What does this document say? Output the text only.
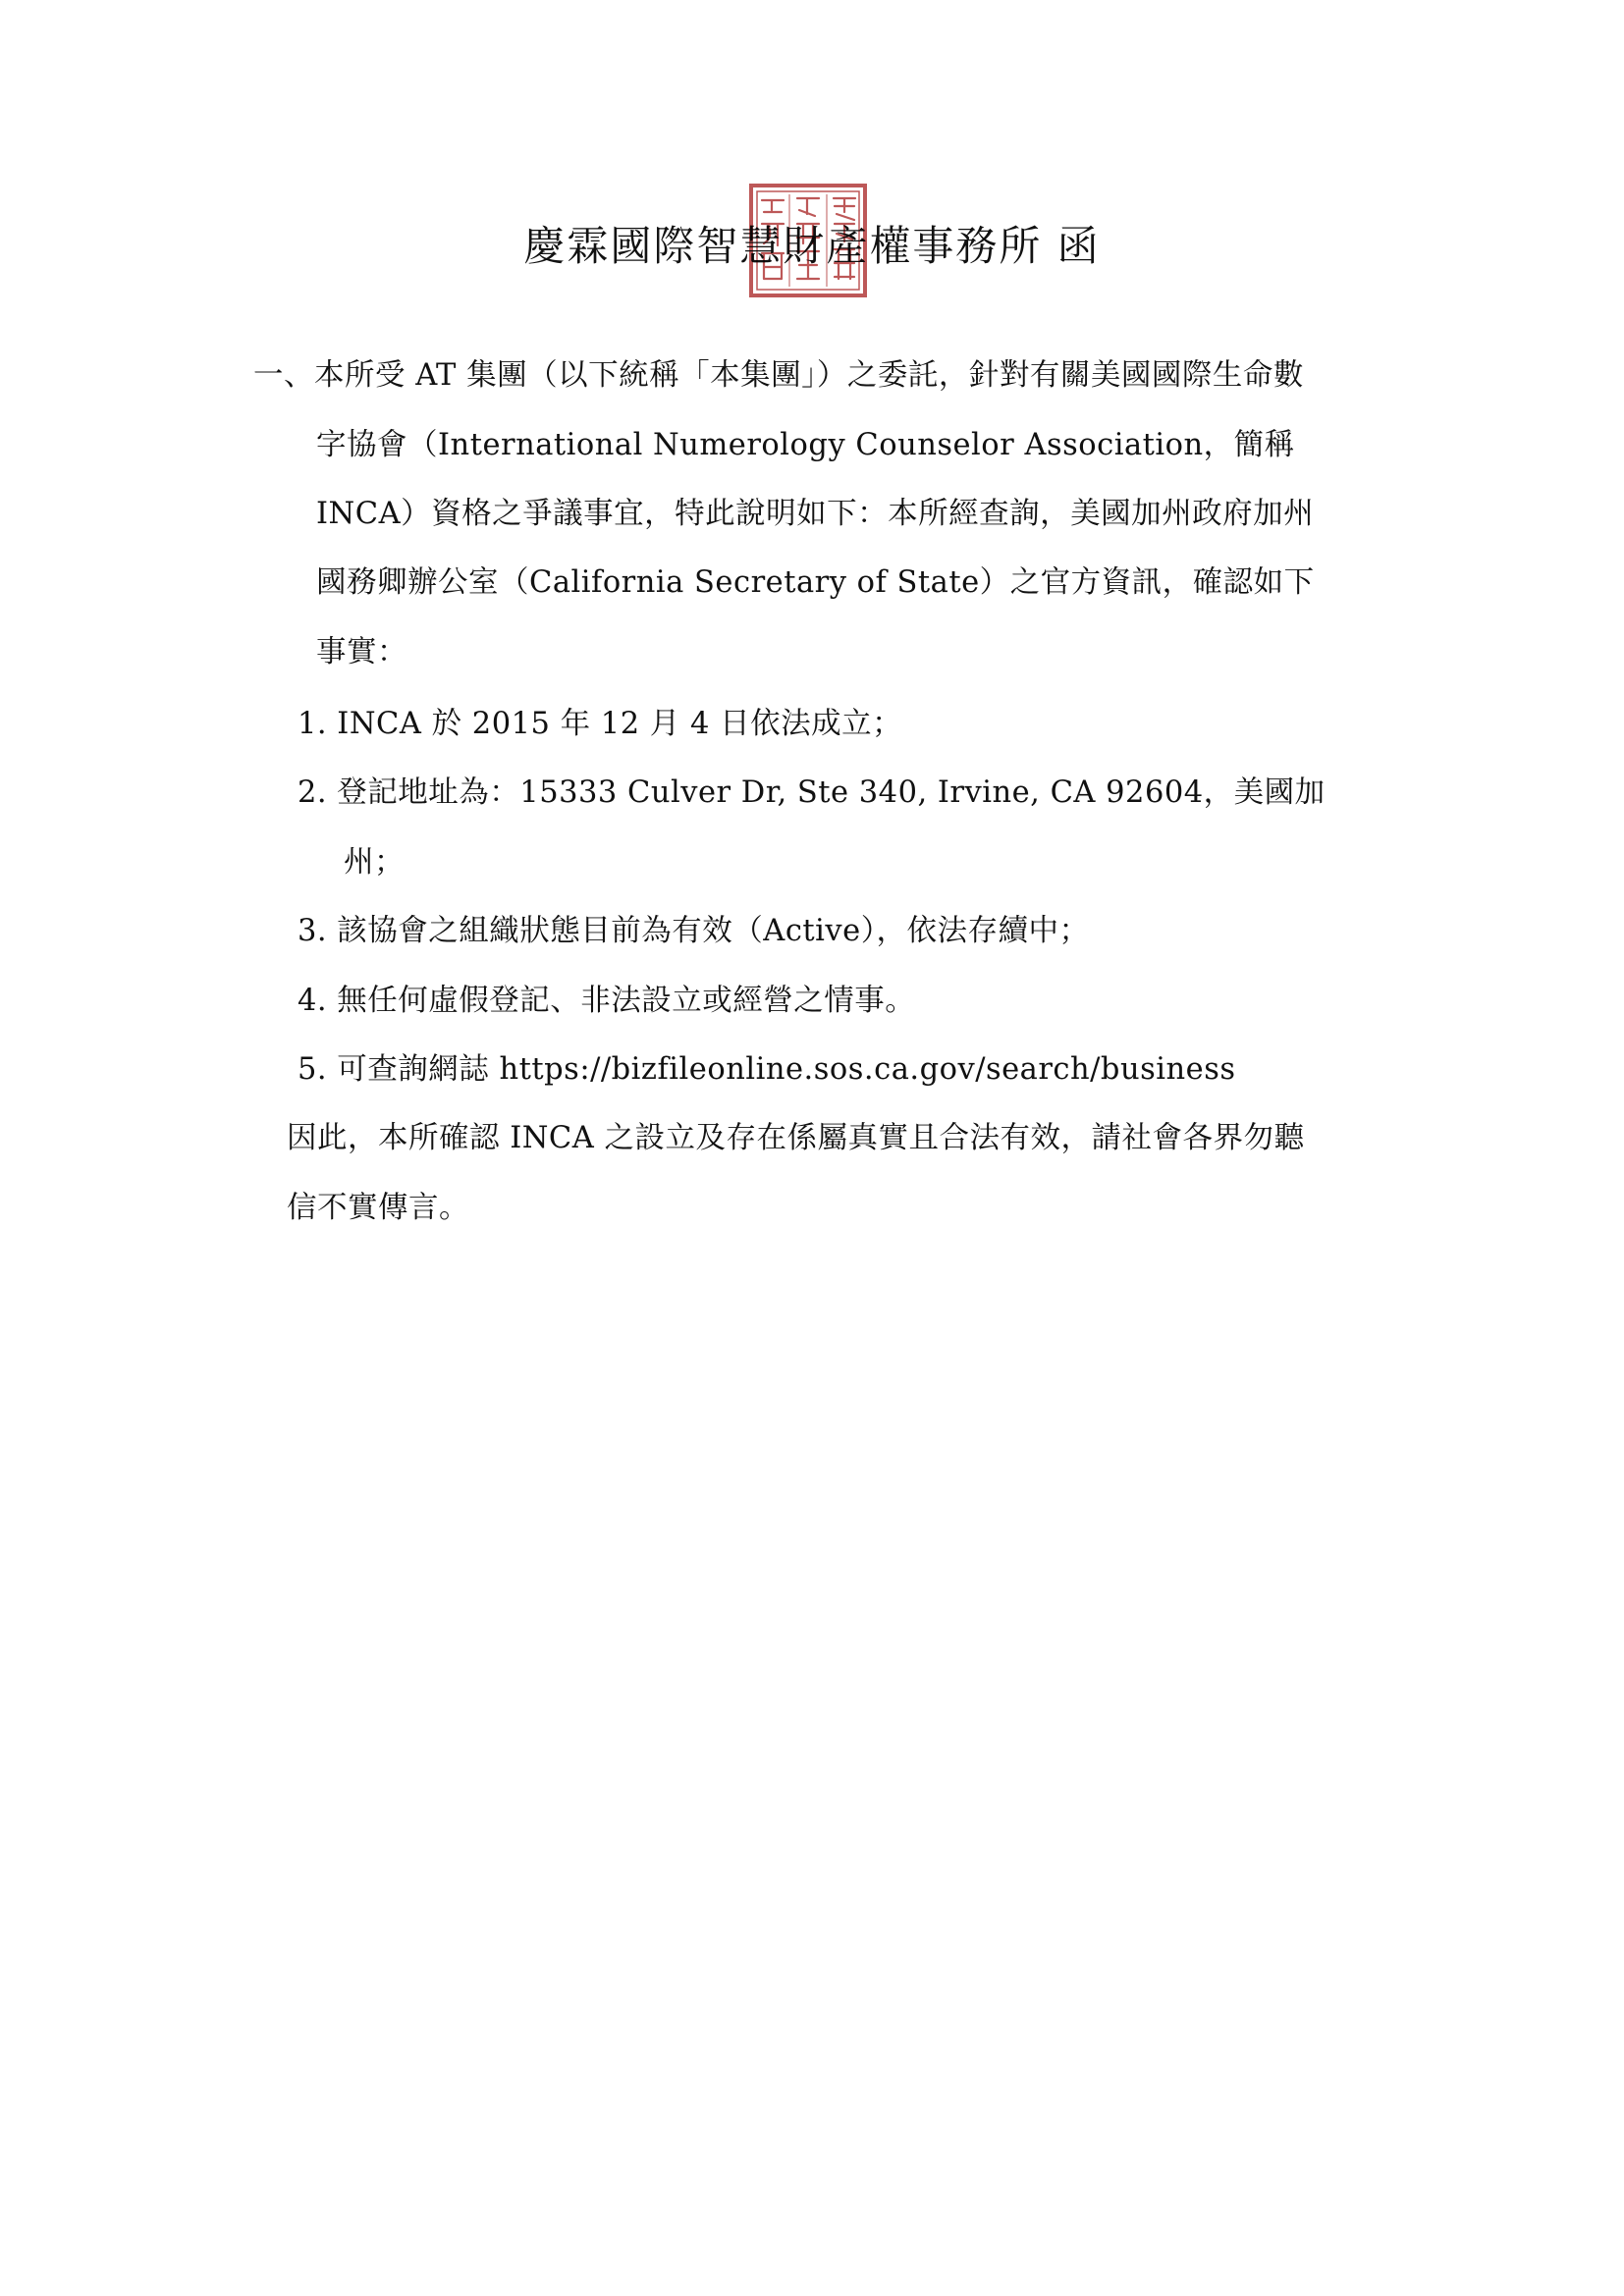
慶霖國際智慧財產權事務所 函
一、本所受 AT 集團（以下統稱「本集團」）之委託，針對有關美國國際生命數
字協會（International Numerology Counselor Association，簡稱
INCA）資格之爭議事宜，特此說明如下：本所經查詢，美國加州政府加州
國務卿辦公室（California Secretary of State）之官方資訊，確認如下
事實：
1. INCA 於 2015 年 12 月 4 日依法成立；
2. 登記地址為：15333 Culver Dr, Ste 340, Irvine, CA 92604，美國加
州；
3. 該協會之組織狀態目前為有效（Active），依法存續中；
4. 無任何虛假登記、非法設立或經營之情事。
5. 可查詢網誌 https://bizfileonline.sos.ca.gov/search/business
因此，本所確認 INCA 之設立及存在係屬真實且合法有效，請社會各界勿聽
信不實傳言。
